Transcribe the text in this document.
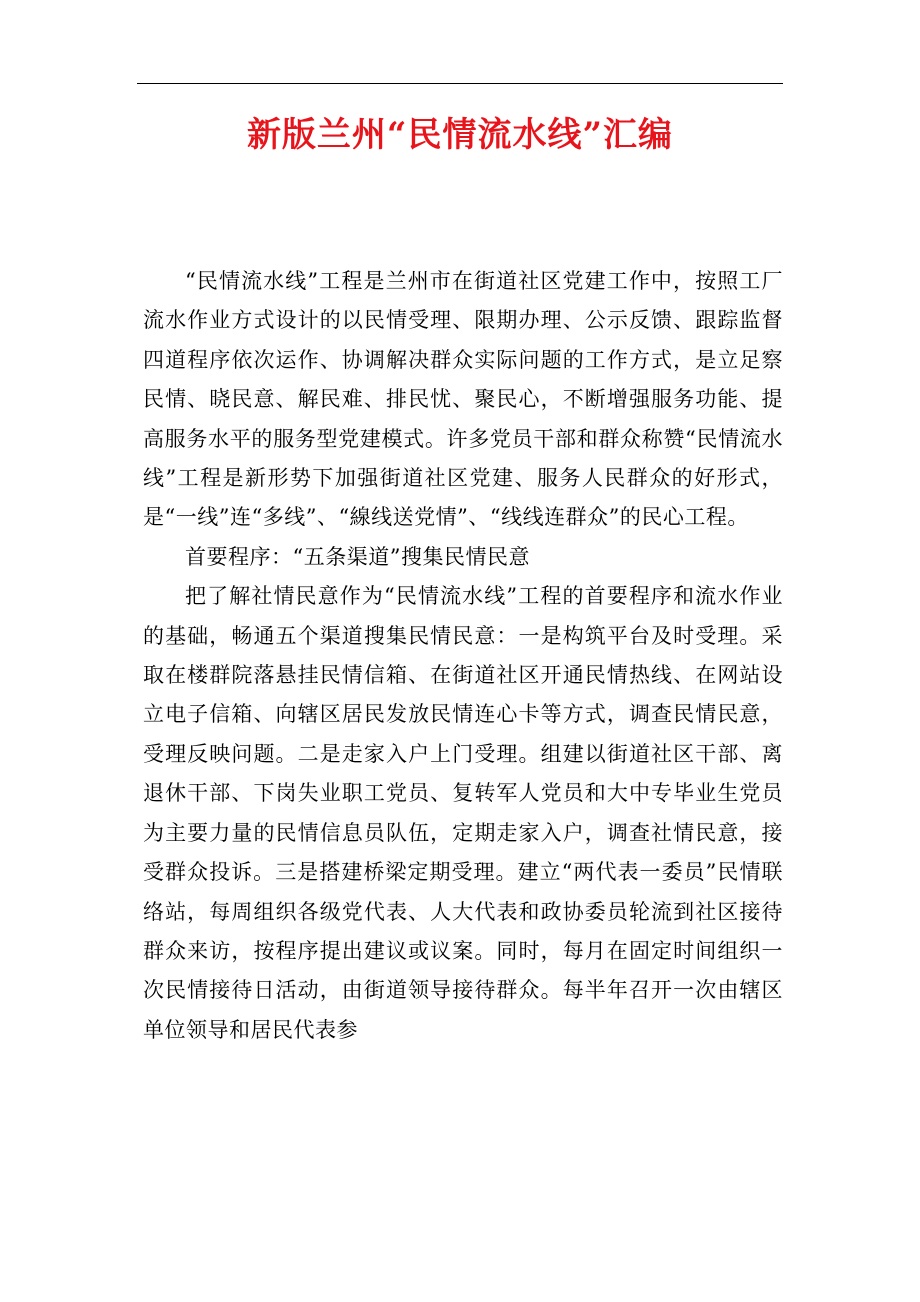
新版兰州“民情流水线”汇编

“民情流水线”工程是兰州市在街道社区党建工作中，按照工厂流水作业方式设计的以民情受理、限期办理、公示反馈、跟踪监督四道程序依次运作、协调解决群众实际问题的工作方式，是立足察民情、晓民意、解民难、排民忧、聚民心，不断增强服务功能、提高服务水平的服务型党建模式。许多党员干部和群众称赞“民情流水线”工程是新形势下加强街道社区党建、服务人民群众的好形式，是“一线”连“多线”、“線线送党情”、“线线连群众”的民心工程。

首要程序：“五条渠道”搜集民情民意

把了解社情民意作为“民情流水线”工程的首要程序和流水作业的基础，畅通五个渠道搜集民情民意：一是构筑平台及时受理。采取在楼群院落悬挂民情信箱、在街道社区开通民情热线、在网站设立电子信箱、向辖区居民发放民情连心卡等方式，调查民情民意，受理反映问题。二是走家入户上门受理。组建以街道社区干部、离退休干部、下岗失业职工党员、复转军人党员和大中专毕业生党员为主要力量的民情信息员队伍，定期走家入户，调查社情民意，接受群众投诉。三是搭建桥梁定期受理。建立“两代表一委员”民情联络站，每周组织各级党代表、人大代表和政协委员轮流到社区接待群众来访，按程序提出建议或议案。同时，每月在固定时间组织一次民情接待日活动，由街道领导接待群众。每半年召开一次由辖区单位领导和居民代表参
